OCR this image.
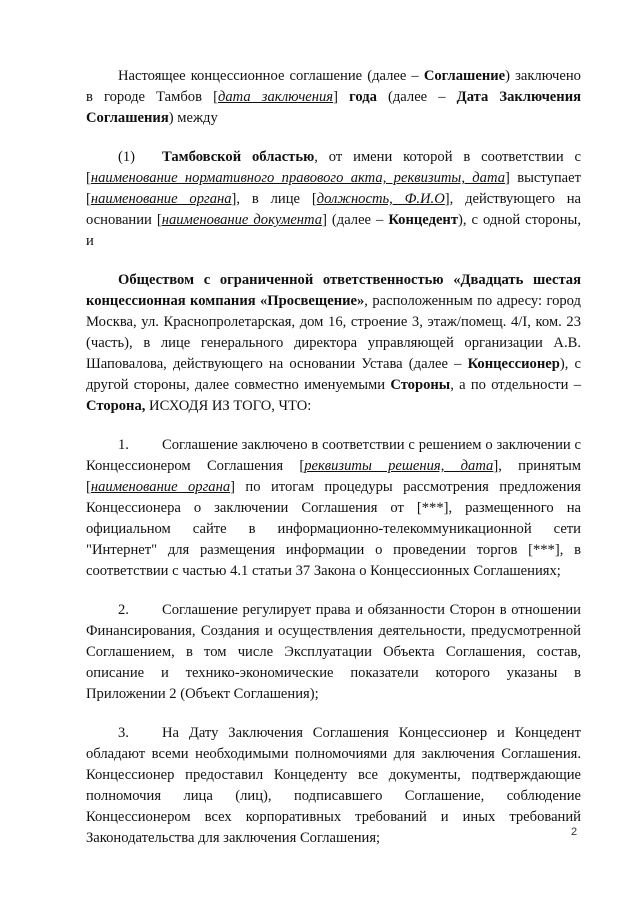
Настоящее концессионное соглашение (далее – Соглашение) заключено в городе Тамбов [дата заключения] года (далее – Дата Заключения Соглашения) между

(1) Тамбовской областью, от имени которой в соответствии с [наименование нормативного правового акта, реквизиты, дата] выступает [наименование органа], в лице [должность, Ф.И.О], действующего на основании [наименование документа] (далее – Концедент), с одной стороны, и

Обществом с ограниченной ответственностью «Двадцать шестая концессионная компания «Просвещение», расположенным по адресу: город Москва, ул. Краснопролетарская, дом 16, строение 3, этаж/помещ. 4/I, ком. 23 (часть), в лице генерального директора управляющей организации А.В. Шаповалова, действующего на основании Устава (далее – Концессионер), с другой стороны, далее совместно именуемыми Стороны, а по отдельности – Сторона, ИСХОДЯ ИЗ ТОГО, ЧТО:

1. Соглашение заключено в соответствии с решением о заключении с Концессионером Соглашения [реквизиты решения, дата], принятым [наименование органа] по итогам процедуры рассмотрения предложения Концессионера о заключении Соглашения от [***], размещенного на официальном сайте в информационно-телекоммуникационной сети "Интернет" для размещения информации о проведении торгов [***], в соответствии с частью 4.1 статьи 37 Закона о Концессионных Соглашениях;

2. Соглашение регулирует права и обязанности Сторон в отношении Финансирования, Создания и осуществления деятельности, предусмотренной Соглашением, в том числе Эксплуатации Объекта Соглашения, состав, описание и технико-экономические показатели которого указаны в Приложении 2 (Объект Соглашения);

3. На Дату Заключения Соглашения Концессионер и Концедент обладают всеми необходимыми полномочиями для заключения Соглашения. Концессионер предоставил Концеденту все документы, подтверждающие полномочия лица (лиц), подписавшего Соглашение, соблюдение Концессионером всех корпоративных требований и иных требований Законодательства для заключения Соглашения;	2
